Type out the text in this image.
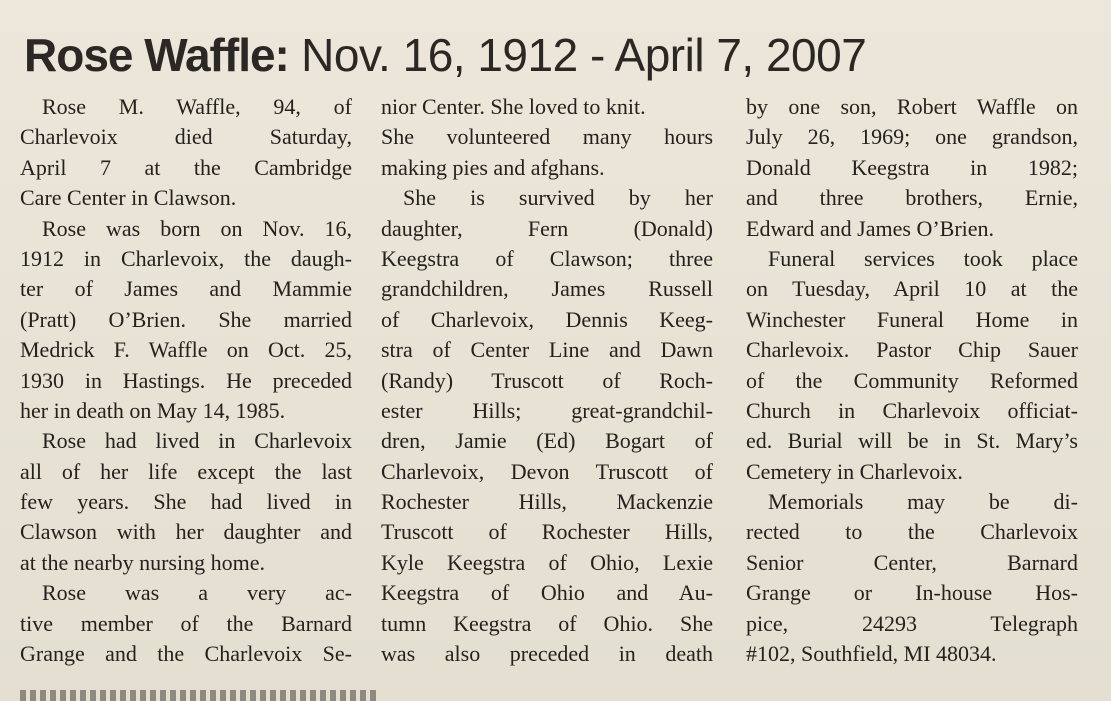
Rose Waffle: Nov. 16, 1912 - April 7, 2007
Rose M. Waffle, 94, of
Charlevoix died Saturday,
April 7 at the Cambridge
Care Center in Clawson.
Rose was born on Nov. 16,
1912 in Charlevoix, the daugh-
ter of James and Mammie
(Pratt) O’Brien. She married
Medrick F. Waffle on Oct. 25,
1930 in Hastings. He preceded
her in death on May 14, 1985.
Rose had lived in Charlevoix
all of her life except the last
few years. She had lived in
Clawson with her daughter and
at the nearby nursing home.
Rose was a very ac-
tive member of the Barnard
Grange and the Charlevoix Se-
nior Center. She loved to knit.
She volunteered many hours
making pies and afghans.
She is survived by her
daughter, Fern (Donald)
Keegstra of Clawson; three
grandchildren, James Russell
of Charlevoix, Dennis Keeg-
stra of Center Line and Dawn
(Randy) Truscott of Roch-
ester Hills; great-grandchil-
dren, Jamie (Ed) Bogart of
Charlevoix, Devon Truscott of
Rochester Hills, Mackenzie
Truscott of Rochester Hills,
Kyle Keegstra of Ohio, Lexie
Keegstra of Ohio and Au-
tumn Keegstra of Ohio. She
was also preceded in death
by one son, Robert Waffle on
July 26, 1969; one grandson,
Donald Keegstra in 1982;
and three brothers, Ernie,
Edward and James O’Brien.
Funeral services took place
on Tuesday, April 10 at the
Winchester Funeral Home in
Charlevoix. Pastor Chip Sauer
of the Community Reformed
Church in Charlevoix officiat-
ed. Burial will be in St. Mary’s
Cemetery in Charlevoix.
Memorials may be di-
rected to the Charlevoix
Senior Center, Barnard
Grange or In-house Hos-
pice, 24293 Telegraph
#102, Southfield, MI 48034.
